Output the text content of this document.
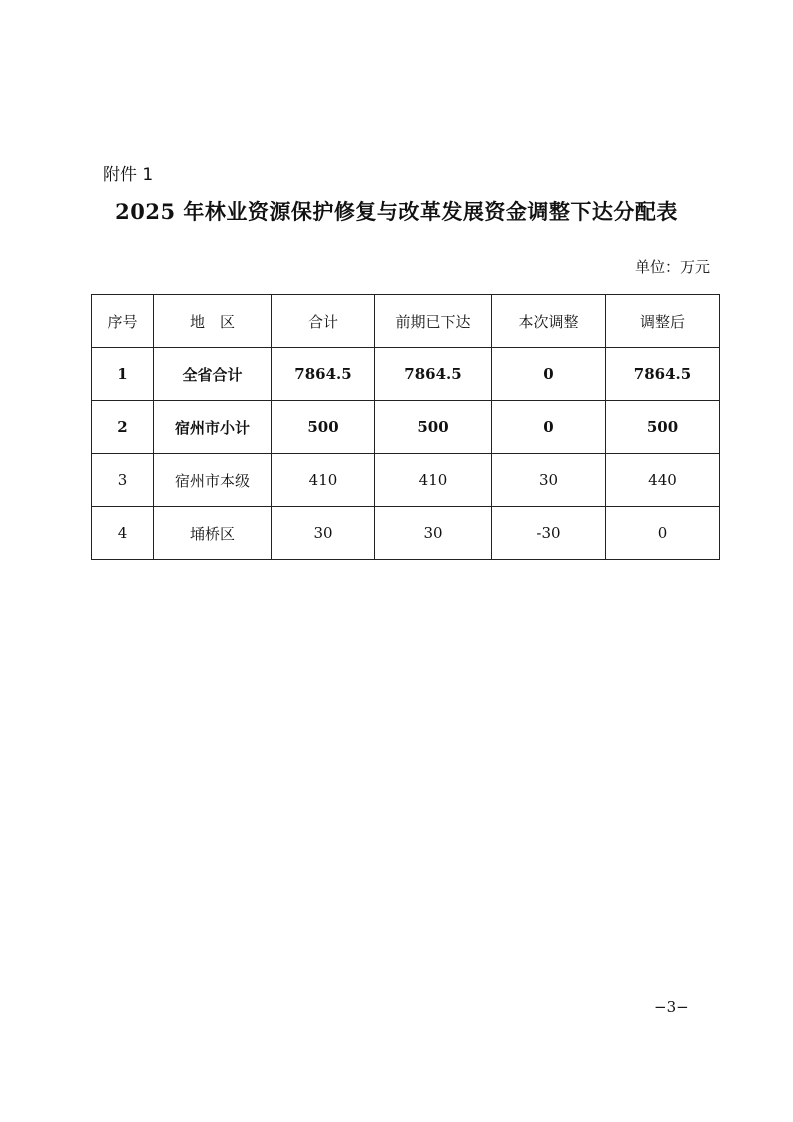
附件 1
2025 年林业资源保护修复与改革发展资金调整下达分配表
单位：万元
序号	地　区	合计	前期已下达	本次调整	调整后
1	全省合计	7864.5	7864.5	0	7864.5
2	宿州市小计	500	500	0	500
3	宿州市本级	410	410	30	440
4	埇桥区	30	30	-30	0
−3−
